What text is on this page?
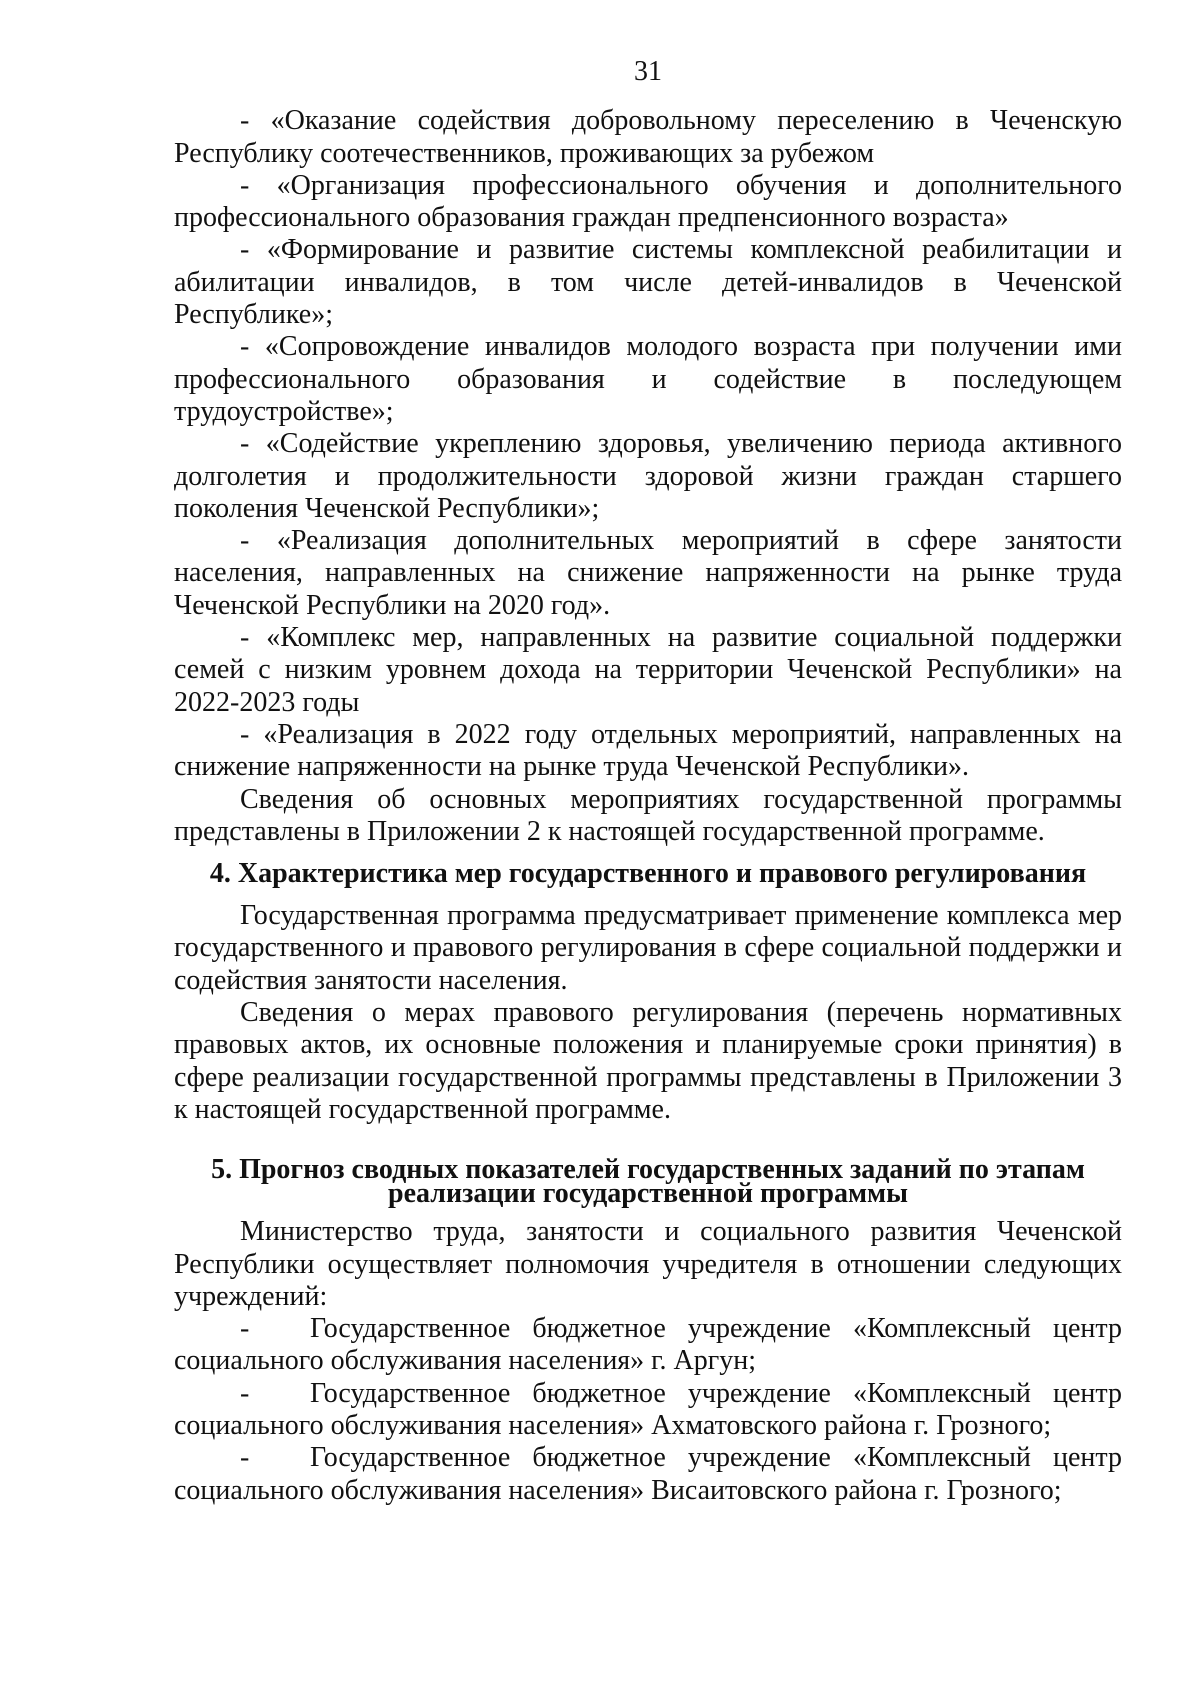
31

- «Оказание содействия добровольному переселению в Чеченскую Республику соотечественников, проживающих за рубежом

- «Организация профессионального обучения и дополнительного профессионального образования граждан предпенсионного возраста»

- «Формирование и развитие системы комплексной реабилитации и абилитации инвалидов, в том числе детей-инвалидов в Чеченской Республике»;

- «Сопровождение инвалидов молодого возраста при получении ими профессионального образования и содействие в последующем трудоустройстве»;

- «Содействие укреплению здоровья, увеличению периода активного долголетия и продолжительности здоровой жизни граждан старшего поколения Чеченской Республики»;

- «Реализация дополнительных мероприятий в сфере занятости населения, направленных на снижение напряженности на рынке труда Чеченской Республики на 2020 год».

- «Комплекс мер, направленных на развитие социальной поддержки семей с низким уровнем дохода на территории Чеченской Республики» на 2022-2023 годы

- «Реализация в 2022 году отдельных мероприятий, направленных на снижение напряженности на рынке труда Чеченской Республики».

Сведения об основных мероприятиях государственной программы представлены в Приложении 2 к настоящей государственной программе.

4. Характеристика мер государственного и правового регулирования

Государственная программа предусматривает применение комплекса мер государственного и правового регулирования в сфере социальной поддержки и содействия занятости населения.

Сведения о мерах правового регулирования (перечень нормативных правовых актов, их основные положения и планируемые сроки принятия) в сфере реализации государственной программы представлены в Приложении 3 к настоящей государственной программе.

5. Прогноз сводных показателей государственных заданий по этапам
реализации государственной программы

Министерство труда, занятости и социального развития Чеченской Республики осуществляет полномочия учредителя в отношении следующих учреждений:

- Государственное бюджетное учреждение «Комплексный центр социального обслуживания населения» г. Аргун;

- Государственное бюджетное учреждение «Комплексный центр социального обслуживания населения» Ахматовского района г. Грозного;

- Государственное бюджетное учреждение «Комплексный центр социального обслуживания населения» Висаитовского района г. Грозного;
